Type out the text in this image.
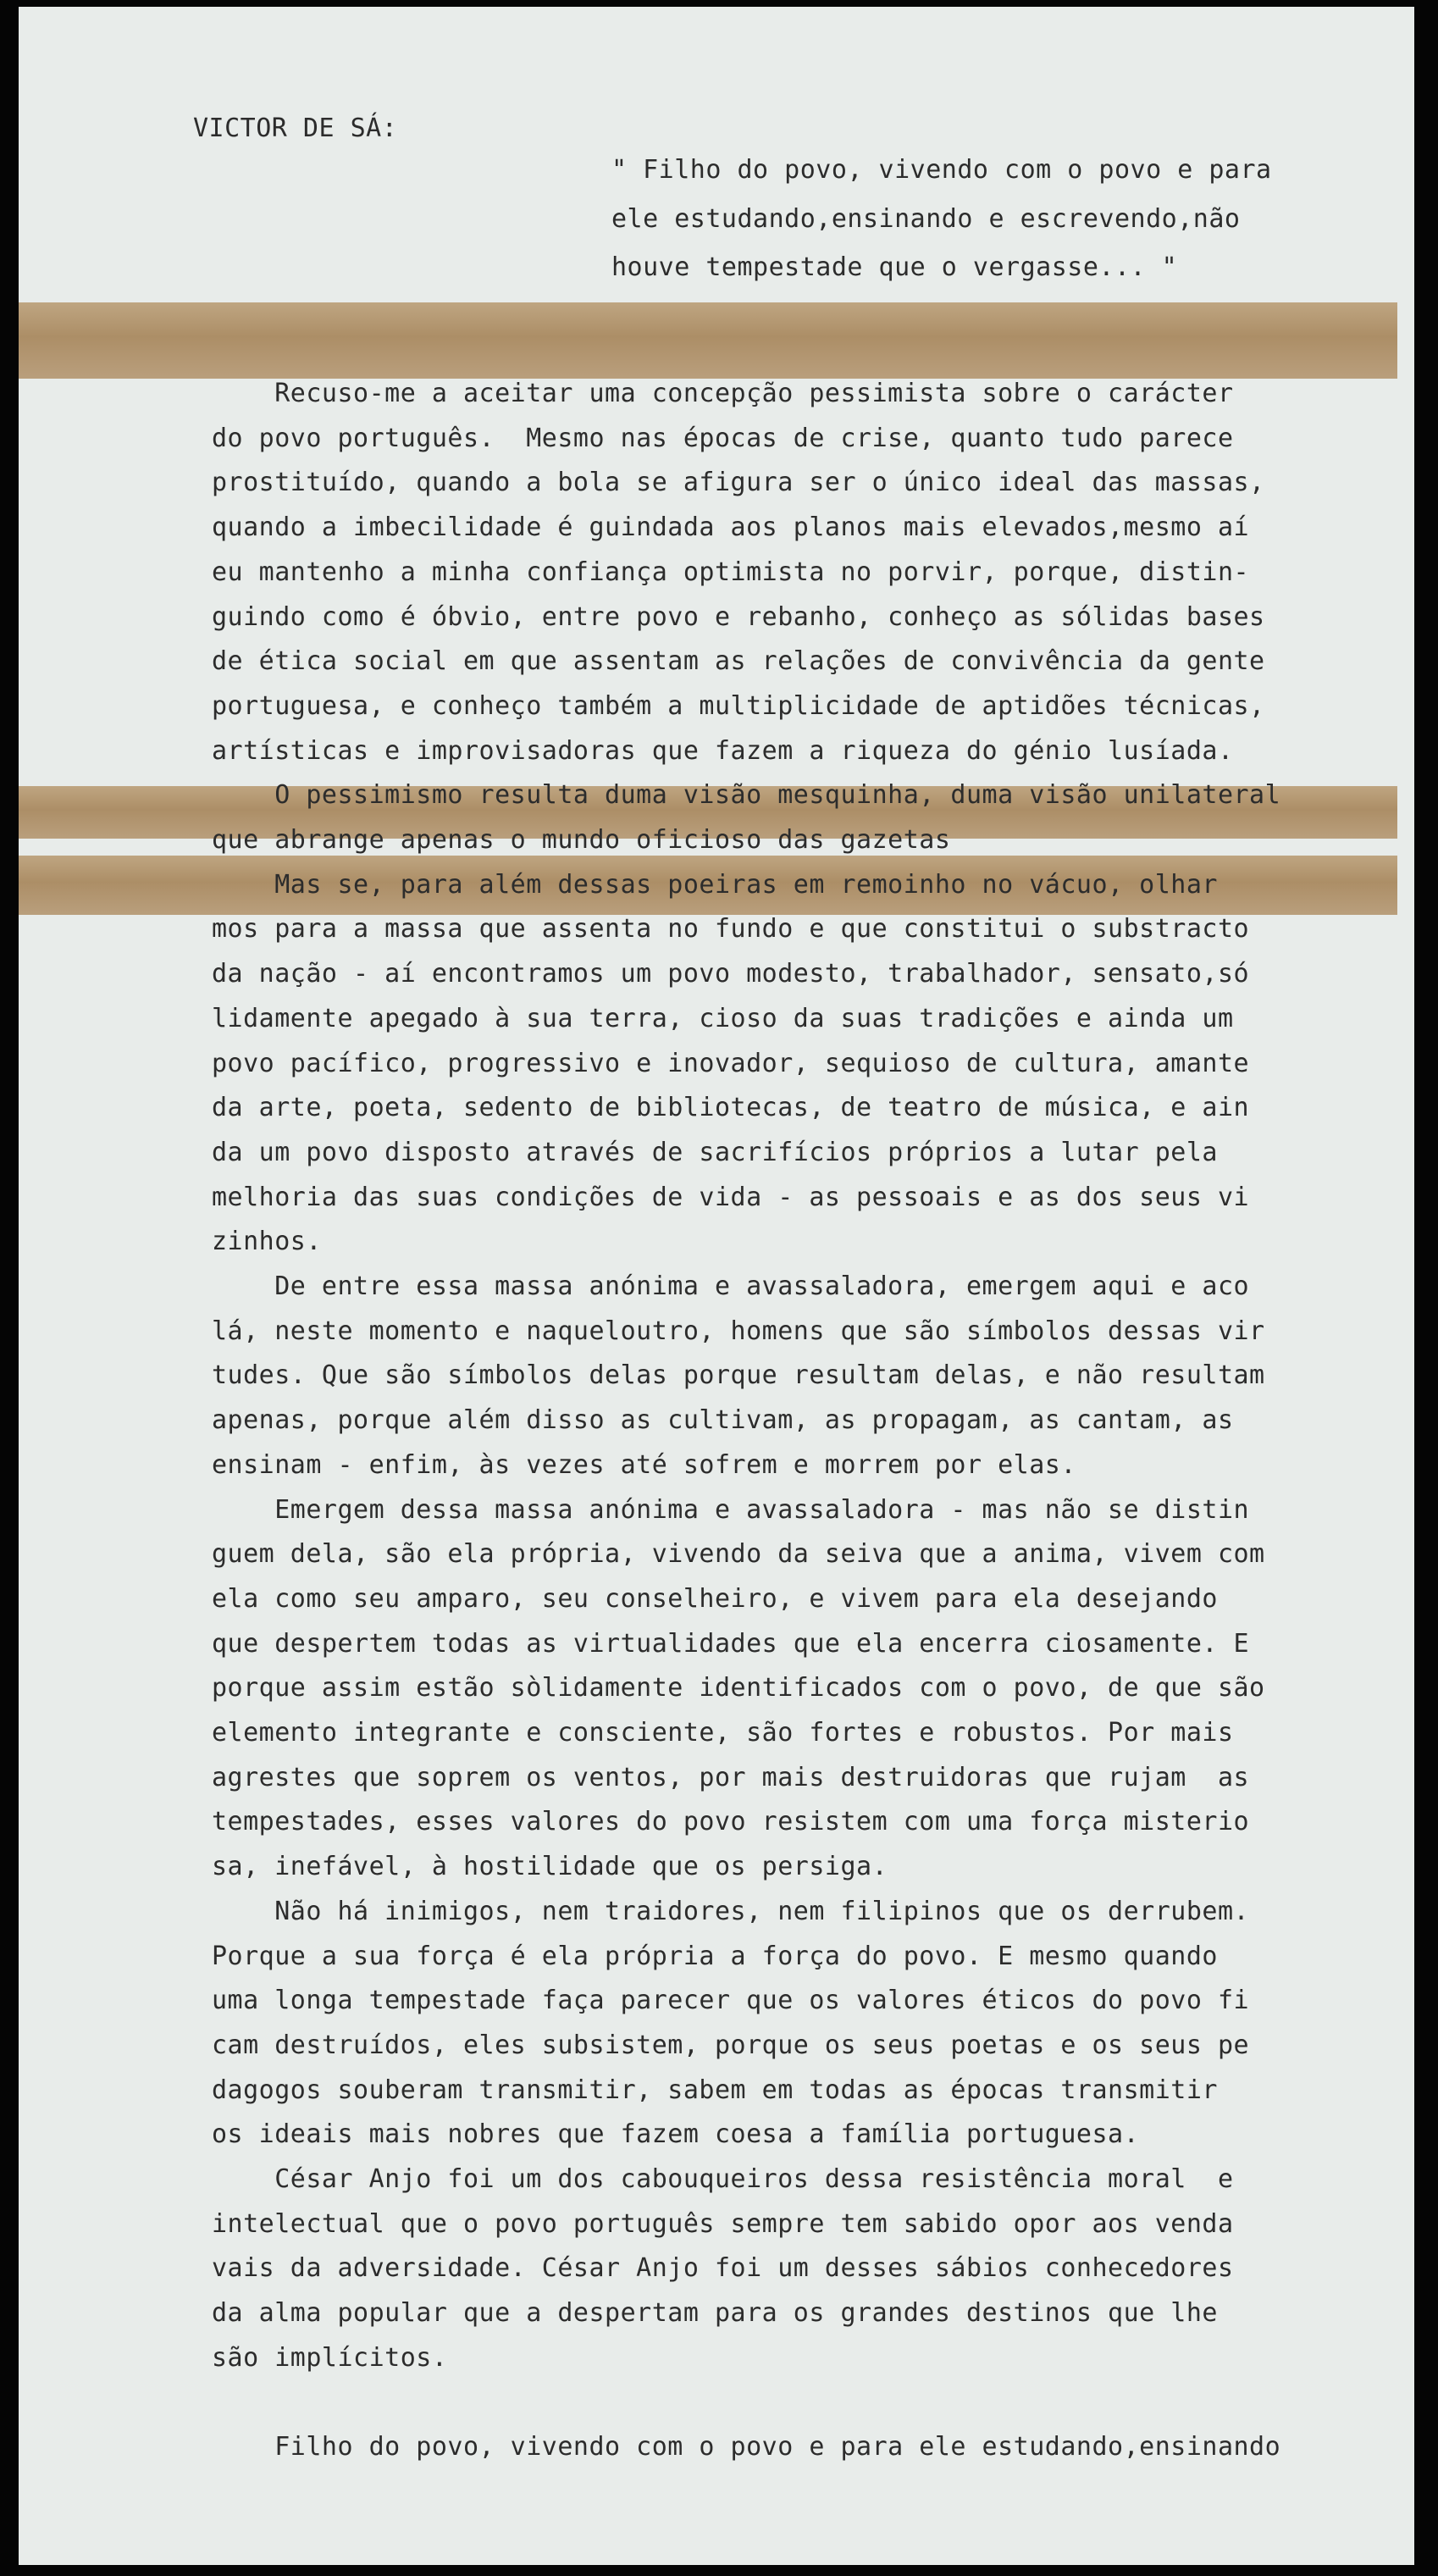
VICTOR DE SÁ:
" Filho do povo, vivendo com o povo e para
ele estudando,ensinando e escrevendo,não
houve tempestade que o vergasse... "
Recuso-me a aceitar uma concepção pessimista sobre o carácter
do povo português.  Mesmo nas épocas de crise, quanto tudo parece
prostituído, quando a bola se afigura ser o único ideal das massas,
quando a imbecilidade é guindada aos planos mais elevados,mesmo aí
eu mantenho a minha confiança optimista no porvir, porque, distin-
guindo como é óbvio, entre povo e rebanho, conheço as sólidas bases
de ética social em que assentam as relações de convivência da gente
portuguesa, e conheço também a multiplicidade de aptidões técnicas,
artísticas e improvisadoras que fazem a riqueza do génio lusíada.
O pessimismo resulta duma visão mesquinha, duma visão unilateral
que abrange apenas o mundo oficioso das gazetas
Mas se, para além dessas poeiras em remoinho no vácuo, olhar
mos para a massa que assenta no fundo e que constitui o substracto
da nação - aí encontramos um povo modesto, trabalhador, sensato,só
lidamente apegado à sua terra, cioso da suas tradições e ainda um
povo pacífico, progressivo e inovador, sequioso de cultura, amante
da arte, poeta, sedento de bibliotecas, de teatro de música, e ain
da um povo disposto através de sacrifícios próprios a lutar pela
melhoria das suas condições de vida - as pessoais e as dos seus vi
zinhos.
De entre essa massa anónima e avassaladora, emergem aqui e aco
lá, neste momento e naqueloutro, homens que são símbolos dessas vir
tudes. Que são símbolos delas porque resultam delas, e não resultam
apenas, porque além disso as cultivam, as propagam, as cantam, as
ensinam - enfim, às vezes até sofrem e morrem por elas.
Emergem dessa massa anónima e avassaladora - mas não se distin
guem dela, são ela própria, vivendo da seiva que a anima, vivem com
ela como seu amparo, seu conselheiro, e vivem para ela desejando
que despertem todas as virtualidades que ela encerra ciosamente. E
porque assim estão sòlidamente identificados com o povo, de que são
elemento integrante e consciente, são fortes e robustos. Por mais
agrestes que soprem os ventos, por mais destruidoras que rujam  as
tempestades, esses valores do povo resistem com uma força misterio
sa, inefável, à hostilidade que os persiga.
Não há inimigos, nem traidores, nem filipinos que os derrubem.
Porque a sua força é ela própria a força do povo. E mesmo quando
uma longa tempestade faça parecer que os valores éticos do povo fi
cam destruídos, eles subsistem, porque os seus poetas e os seus pe
dagogos souberam transmitir, sabem em todas as épocas transmitir
os ideais mais nobres que fazem coesa a família portuguesa.
César Anjo foi um dos cabouqueiros dessa resistência moral  e
intelectual que o povo português sempre tem sabido opor aos venda
vais da adversidade. César Anjo foi um desses sábios conhecedores
da alma popular que a despertam para os grandes destinos que lhe
são implícitos.
Filho do povo, vivendo com o povo e para ele estudando,ensinando
